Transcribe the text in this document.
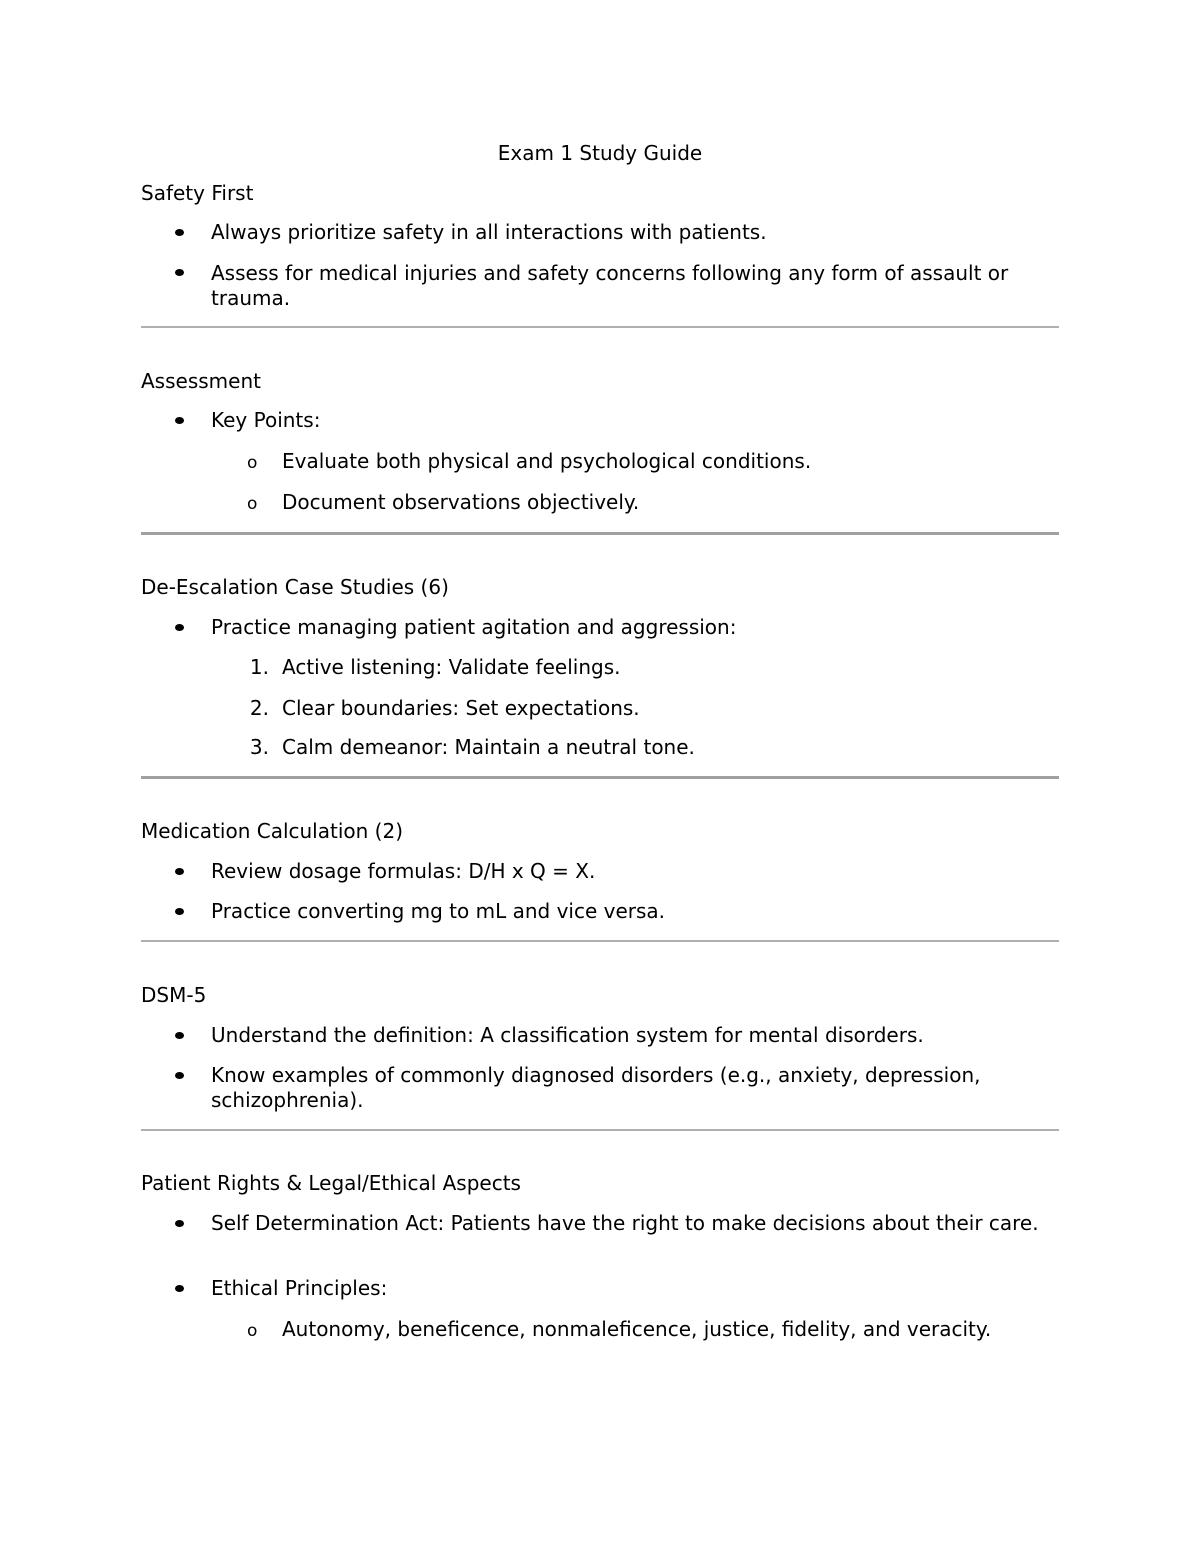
Exam 1 Study Guide
Safety First
Always prioritize safety in all interactions with patients.
Assess for medical injuries and safety concerns following any form of assault or trauma.
Assessment
Key Points:
o Evaluate both physical and psychological conditions.
o Document observations objectively.
De-Escalation Case Studies (6)
Practice managing patient agitation and aggression:
1. Active listening: Validate feelings.
2. Clear boundaries: Set expectations.
3. Calm demeanor: Maintain a neutral tone.
Medication Calculation (2)
Review dosage formulas: D/H x Q = X.
Practice converting mg to mL and vice versa.
DSM-5
Understand the definition: A classification system for mental disorders.
Know examples of commonly diagnosed disorders (e.g., anxiety, depression, schizophrenia).
Patient Rights & Legal/Ethical Aspects
Self Determination Act: Patients have the right to make decisions about their care.
Ethical Principles:
o Autonomy, beneficence, nonmaleficence, justice, fidelity, and veracity.
